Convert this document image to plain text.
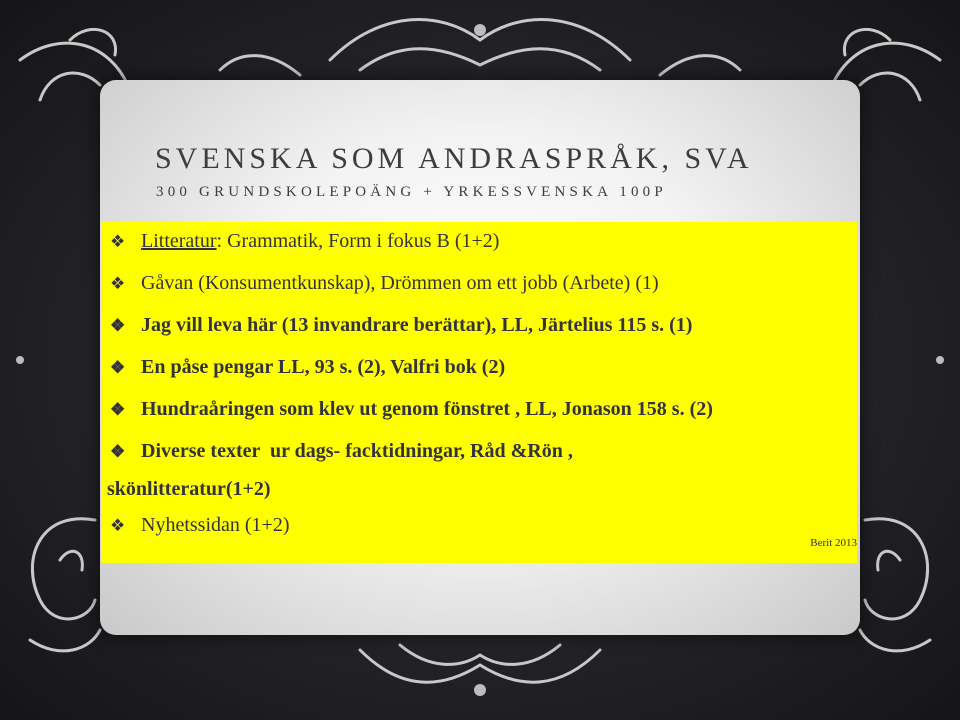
SVENSKA SOM ANDRASPRÅK, SVA
300 GRUNDSKOLEPOÄNG + YRKESSVENSKA 100P
❖ Litteratur: Grammatik, Form i fokus B (1+2)
❖ Gåvan (Konsumentkunskap), Drömmen om ett jobb (Arbete) (1)
❖ Jag vill leva här (13 invandrare berättar), LL, Järtelius 115 s. (1)
❖ En påse pengar LL, 93 s. (2), Valfri bok (2)
❖ Hundraåringen som klev ut genom fönstret , LL, Jonason 158 s. (2)
❖ Diverse texter  ur dags- facktidningar, Råd &Rön ,
skönlitteratur(1+2)
❖ Nyhetssidan (1+2)
Berit 2013
